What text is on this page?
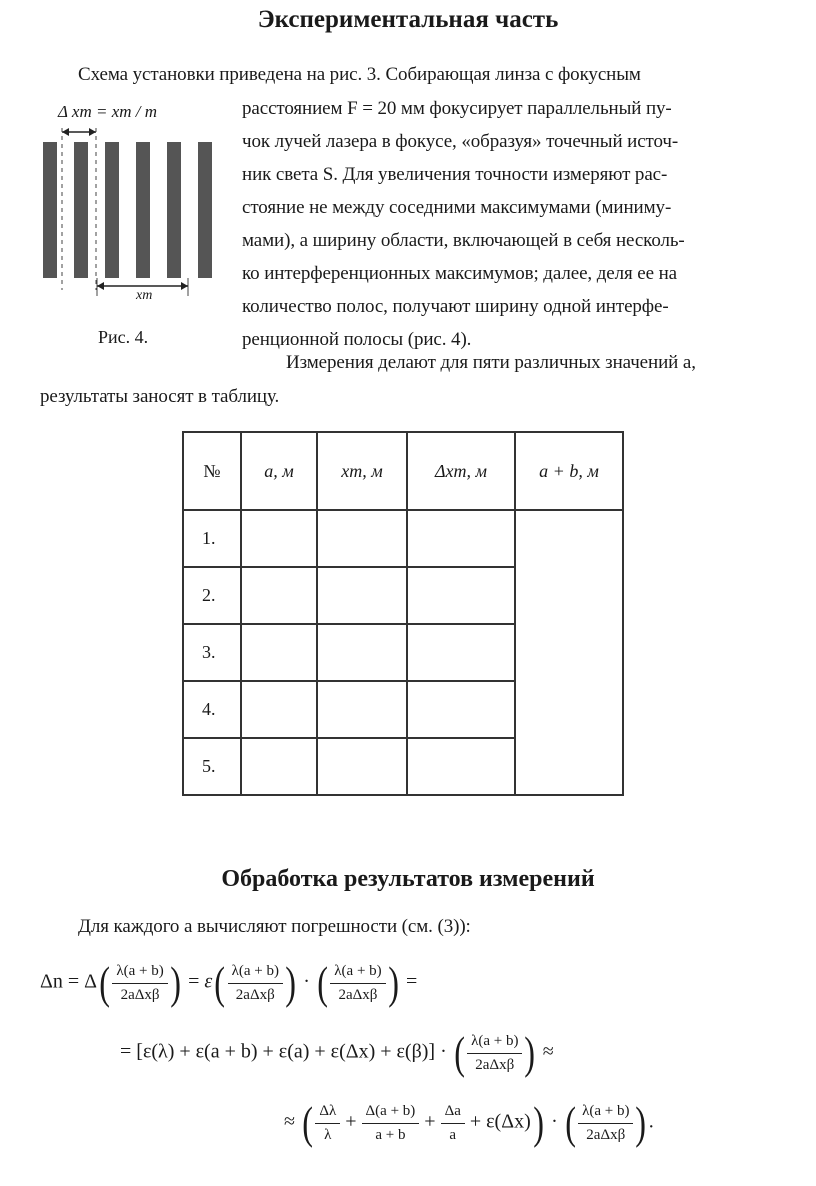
Экспериментальная часть
Схема установки приведена на рис. 3. Собирающая линза с фокусным
расстоянием F = 20 мм фокусирует параллельный пу-
чок лучей лазера в фокусе, «образуя» точечный источ-
ник света S. Для увеличения точности измеряют рас-
стояние не между соседними максимумами (миниму-
мами), а ширину области, включающей в себя несколь-
ко интерференционных максимумов; далее, деля ее на
количество полос, получают ширину одной интерфе-
ренционной полосы (рис. 4).
Δ xm = xm / m
xm
Рис. 4.
Измерения делают для пяти различных значений a,
результаты заносят в таблицу.
№	a, м	xm, м	Δxm, м	a + b, м
1.				
2.				
3.				
4.				
5.				
Обработка результатов измерений
Для каждого a вычисляют погрешности (см. (3)):
$\Delta n = \Delta( \frac{\lambda(a + b)}{\text{2aΔxβ}}$ ) = $\varepsilon( \frac{\lambda(a + b)}{\text{2aΔxβ}}$ ) · ( $\frac{\lambda(a + b)}{\text{2aΔxβ}}$ ) =
= [ε(λ) + ε(a + b) + ε(a) + ε(Δx) + ε(β)] · ( $\frac{\lambda(a + b)}{\text{2aΔxβ}}$ ) ≈
≈ ( $\frac{\Delta\lambda}{\lambda} + \frac{\Delta(a + b)}{a + b} + \frac{\Delta a}{a} + \varepsilon(\Delta x)$) · ( $\frac{\lambda(a + b)}{\text{2aΔxβ}}$ ) .
